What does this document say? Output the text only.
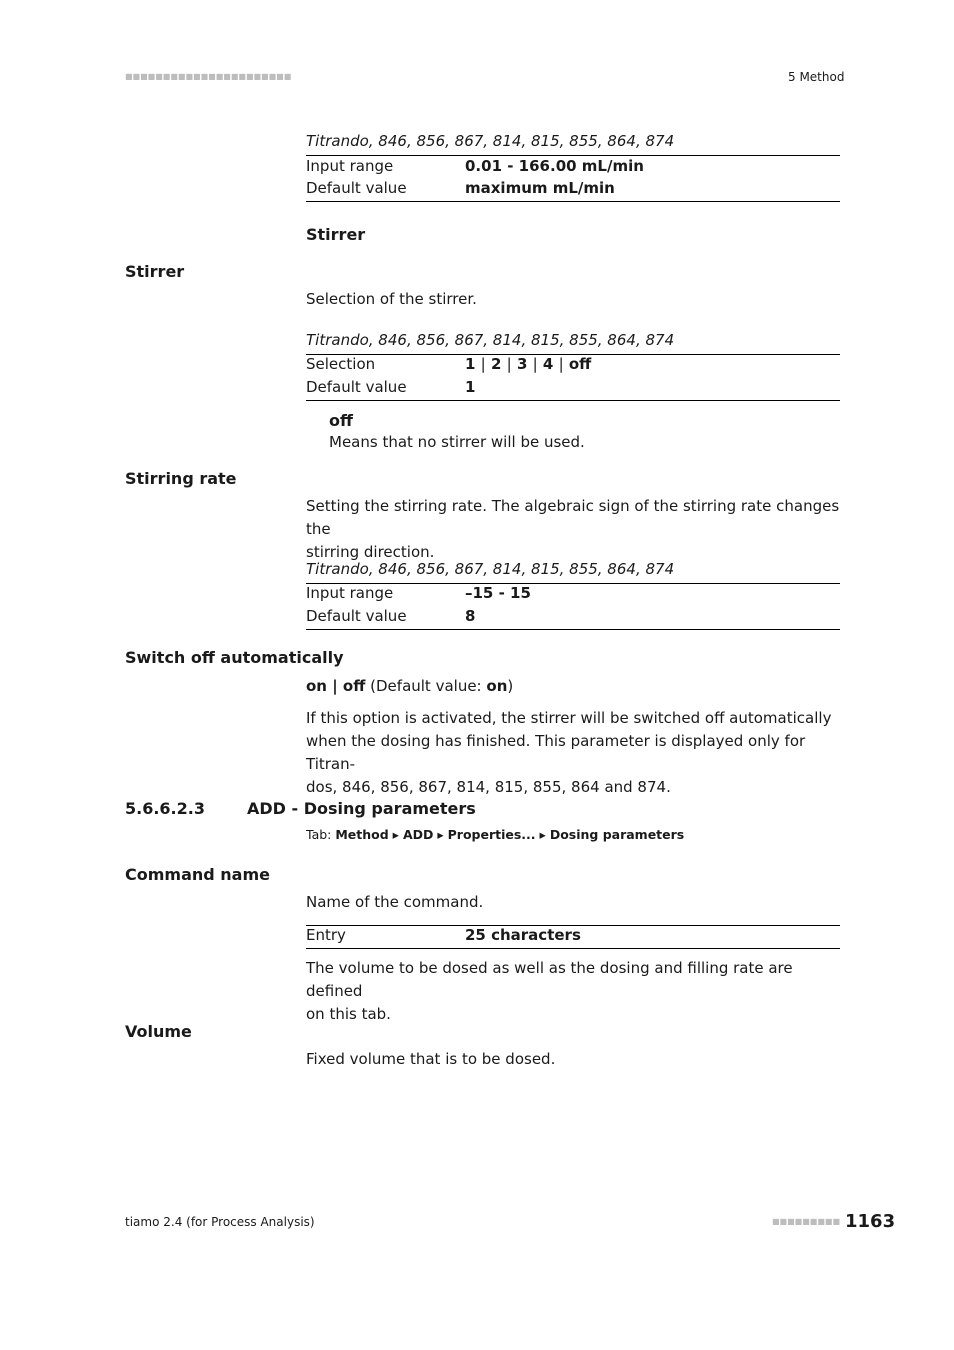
■■■■■■■■■■■■■■■■■■■■■■	5 Method
Titrando, 846, 856, 867, 814, 815, 855, 864, 874
Input range	0.01 - 166.00 mL/min
Default value	maximum mL/min
Stirrer
Stirrer
Selection of the stirrer.
Titrando, 846, 856, 867, 814, 815, 855, 864, 874
Selection	1 | 2 | 3 | 4 | off
Default value	1
off
Means that no stirrer will be used.
Stirring rate
Setting the stirring rate. The algebraic sign of the stirring rate changes the
stirring direction.
Titrando, 846, 856, 867, 814, 815, 855, 864, 874
Input range	–15 - 15
Default value	8
Switch off automatically
on | off (Default value: on)
If this option is activated, the stirrer will be switched off automatically
when the dosing has finished. This parameter is displayed only for Titran-
dos, 846, 856, 867, 814, 815, 855, 864 and 874.
5.6.6.2.3	ADD - Dosing parameters
Tab: Method ▸ ADD ▸ Properties... ▸ Dosing parameters
Command name
Name of the command.
Entry	25 characters
The volume to be dosed as well as the dosing and filling rate are defined
on this tab.
Volume
Fixed volume that is to be dosed.
tiamo 2.4 (for Process Analysis)	■■■■■■■■■ 1163
